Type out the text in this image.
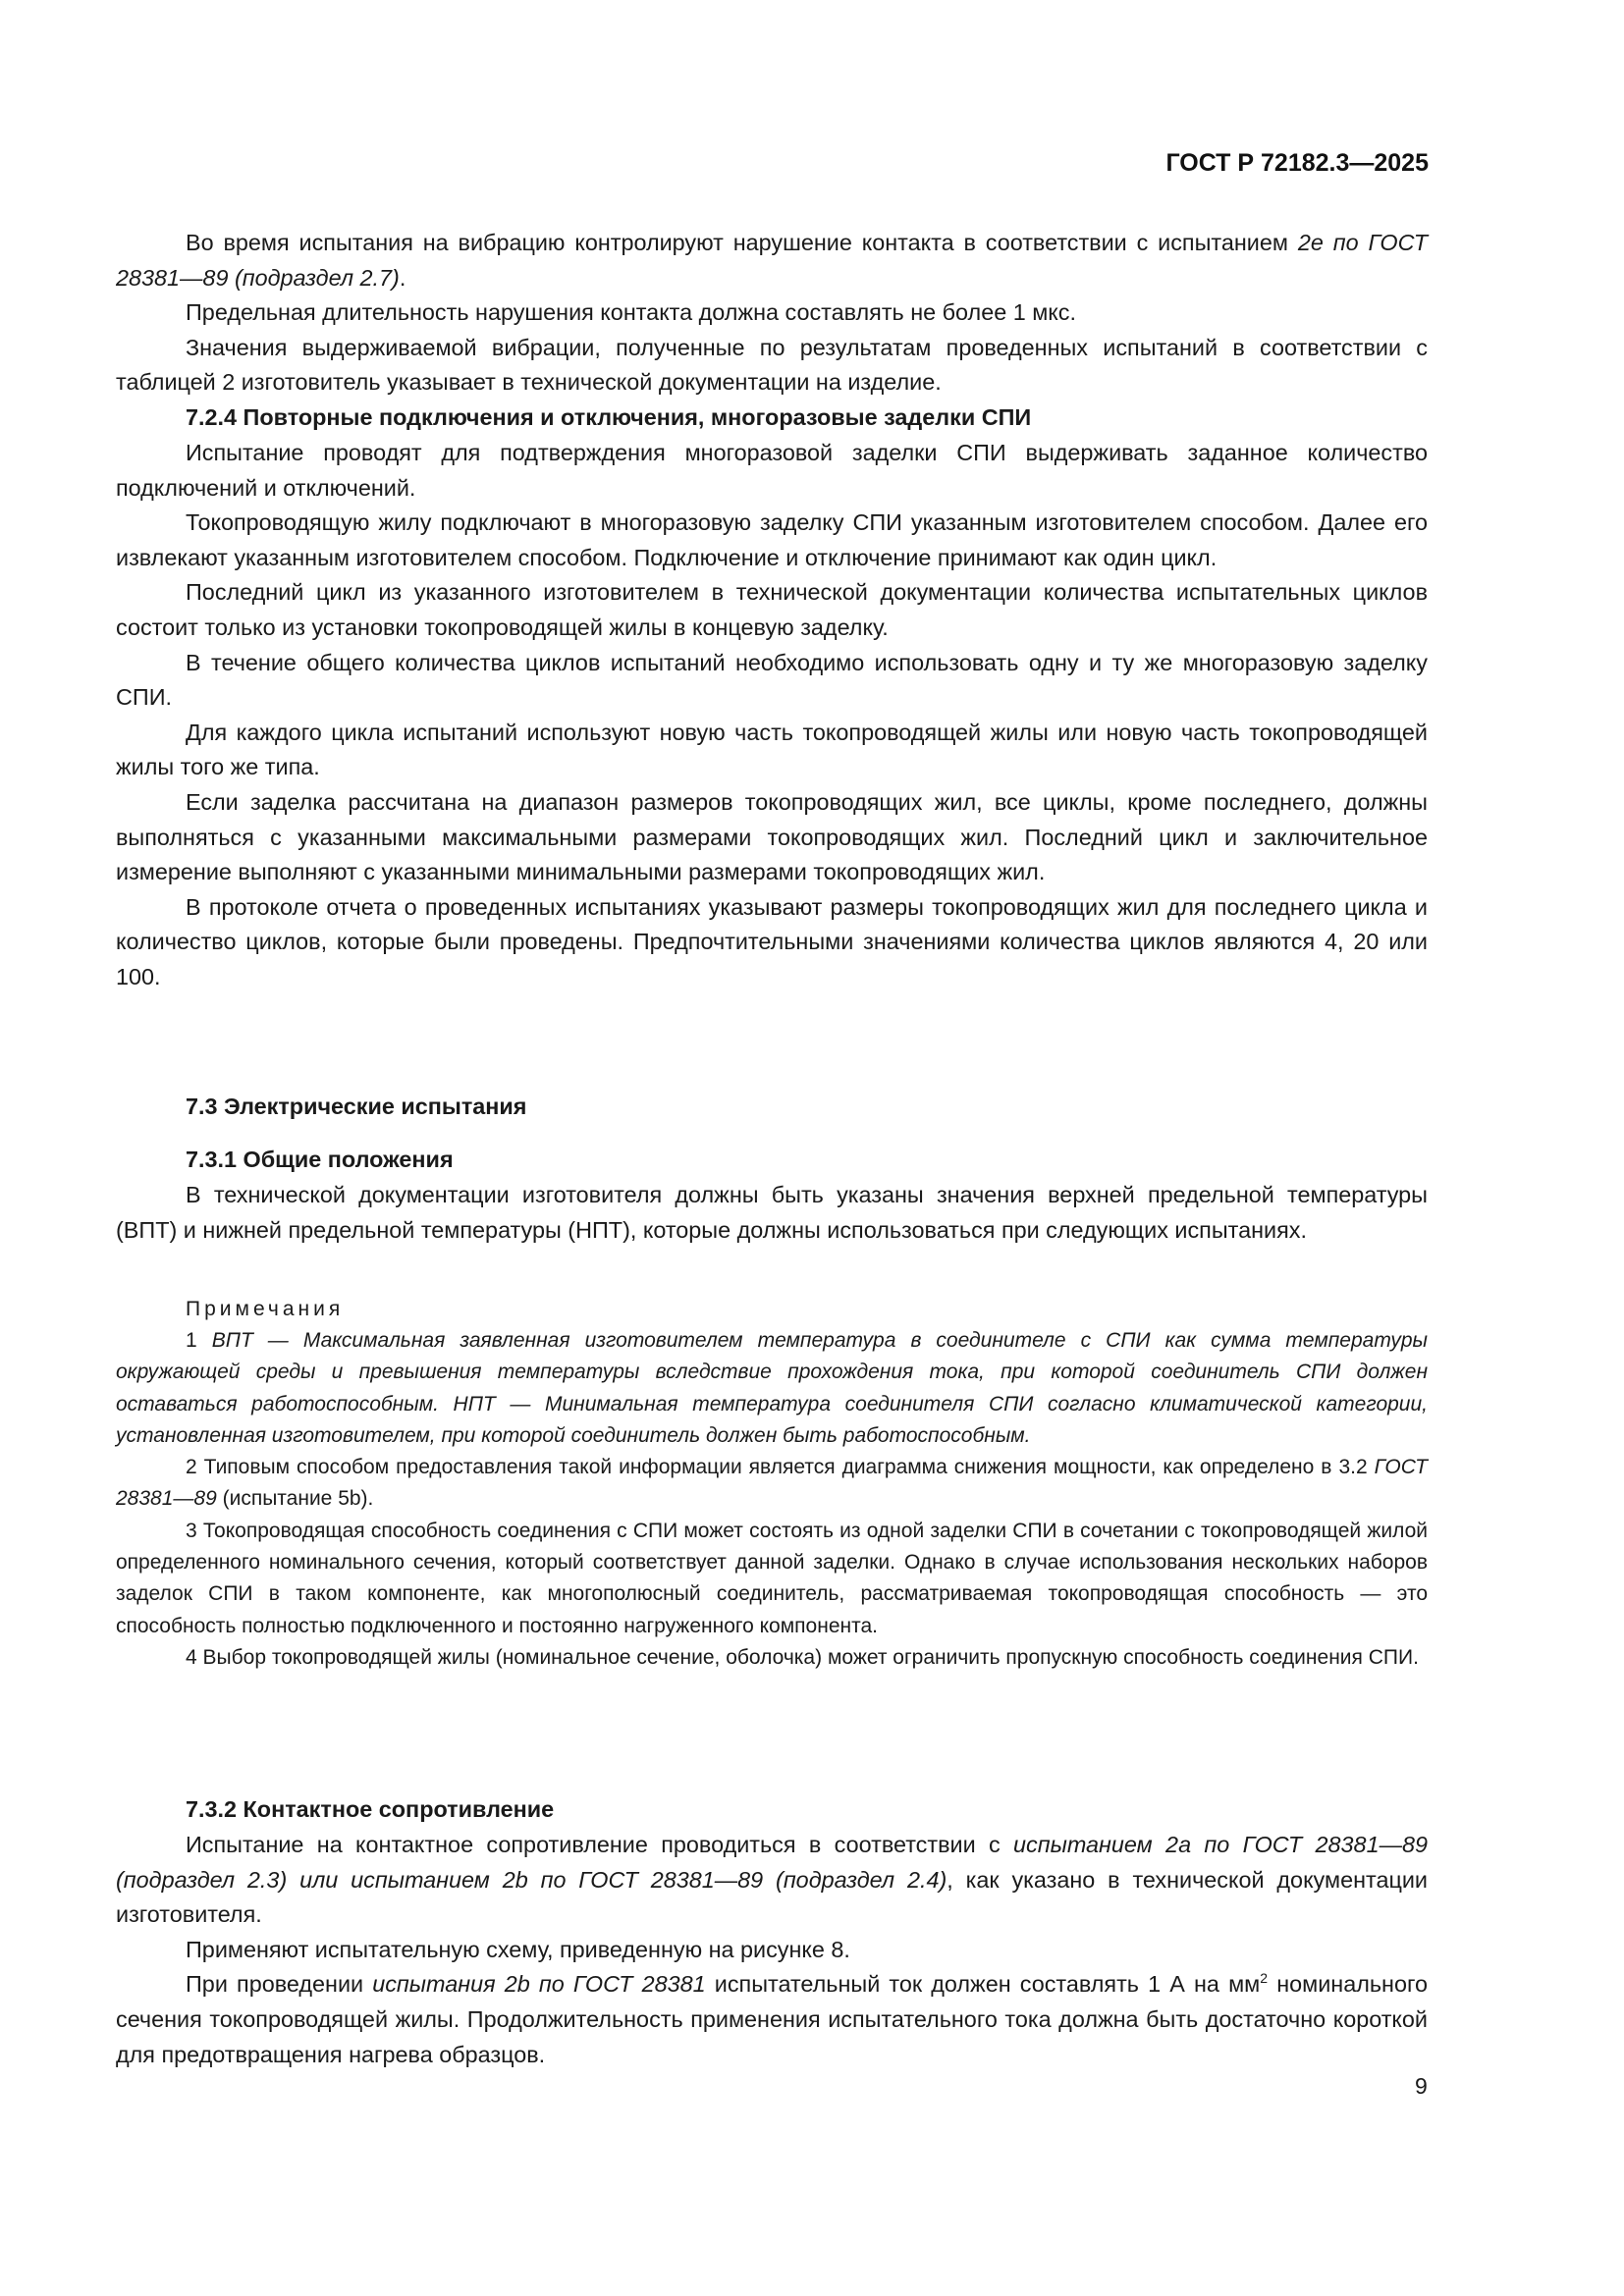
ГОСТ Р 72182.3—2025

Во время испытания на вибрацию контролируют нарушение контакта в соответствии с испытанием 2е по ГОСТ 28381—89 (подраздел 2.7).

Предельная длительность нарушения контакта должна составлять не более 1 мкс.

Значения выдерживаемой вибрации, полученные по результатам проведенных испытаний в соответствии с таблицей 2 изготовитель указывает в технической документации на изделие.

7.2.4 Повторные подключения и отключения, многоразовые заделки СПИ

Испытание проводят для подтверждения многоразовой заделки СПИ выдерживать заданное количество подключений и отключений.

Токопроводящую жилу подключают в многоразовую заделку СПИ указанным изготовителем способом. Далее его извлекают указанным изготовителем способом. Подключение и отключение принимают как один цикл.

Последний цикл из указанного изготовителем в технической документации количества испытательных циклов состоит только из установки токопроводящей жилы в концевую заделку.

В течение общего количества циклов испытаний необходимо использовать одну и ту же многоразовую заделку СПИ.

Для каждого цикла испытаний используют новую часть токопроводящей жилы или новую часть токопроводящей жилы того же типа.

Если заделка рассчитана на диапазон размеров токопроводящих жил, все циклы, кроме последнего, должны выполняться с указанными максимальными размерами токопроводящих жил. Последний цикл и заключительное измерение выполняют с указанными минимальными размерами токопроводящих жил.

В протоколе отчета о проведенных испытаниях указывают размеры токопроводящих жил для последнего цикла и количество циклов, которые были проведены. Предпочтительными значениями количества циклов являются 4, 20 или 100.

7.3 Электрические испытания
7.3.1 Общие положения

В технической документации изготовителя должны быть указаны значения верхней предельной температуры (ВПТ) и нижней предельной температуры (НПТ), которые должны использоваться при следующих испытаниях.

Примечания

1 ВПТ — Максимальная заявленная изготовителем температура в соединителе с СПИ как сумма температуры окружающей среды и превышения температуры вследствие прохождения тока, при которой соединитель СПИ должен оставаться работоспособным. НПТ — Минимальная температура соединителя СПИ согласно климатической категории, установленная изготовителем, при которой соединитель должен быть работоспособным.

2 Типовым способом предоставления такой информации является диаграмма снижения мощности, как определено в 3.2 ГОСТ 28381—89 (испытание 5b).

3 Токопроводящая способность соединения с СПИ может состоять из одной заделки СПИ в сочетании с токопроводящей жилой определенного номинального сечения, который соответствует данной заделки. Однако в случае использования нескольких наборов заделок СПИ в таком компоненте, как многополюсный соединитель, рассматриваемая токопроводящая способность — это способность полностью подключенного и постоянно нагруженного компонента.

4 Выбор токопроводящей жилы (номинальное сечение, оболочка) может ограничить пропускную способность соединения СПИ.

7.3.2 Контактное сопротивление

Испытание на контактное сопротивление проводиться в соответствии с испытанием 2а по ГОСТ 28381—89 (подраздел 2.3) или испытанием 2b по ГОСТ 28381—89 (подраздел 2.4), как указано в технической документации изготовителя.

Применяют испытательную схему, приведенную на рисунке 8.

При проведении испытания 2b по ГОСТ 28381 испытательный ток должен составлять 1 А на $мм^2$ номинального сечения токопроводящей жилы. Продолжительность применения испытательного тока должна быть достаточно короткой для предотвращения нагрева образцов.

9
